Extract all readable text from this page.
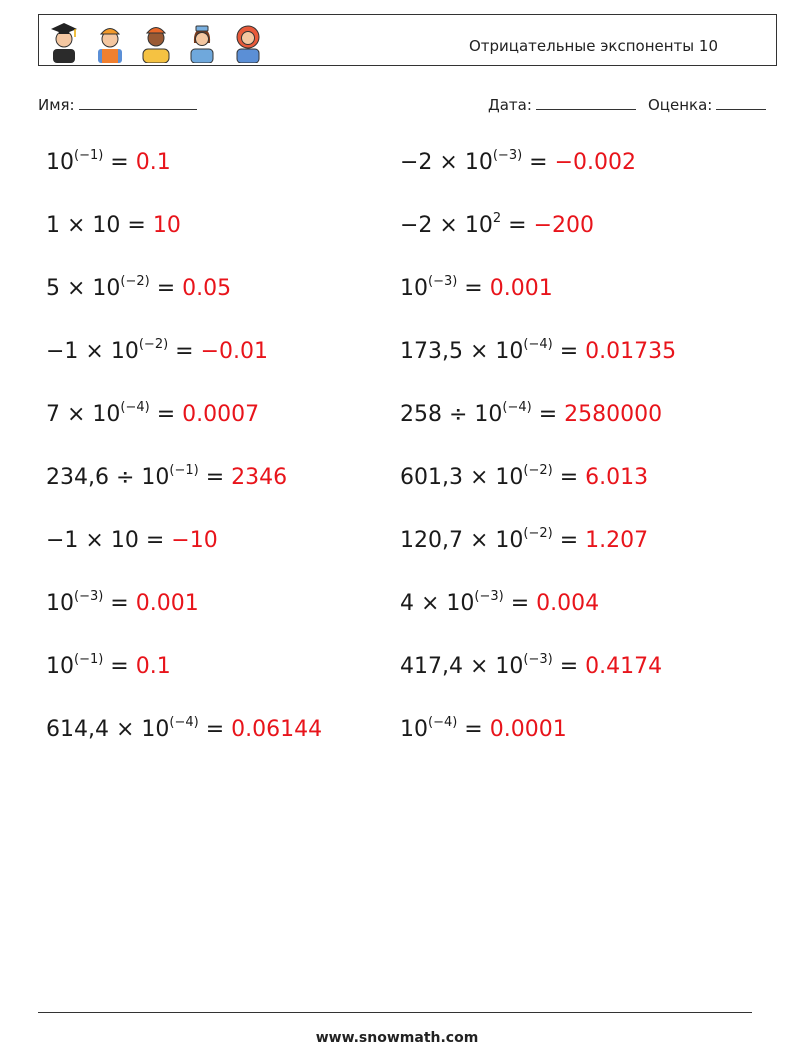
Отрицательные экспоненты 10
Имя:	Дата:	Оценка:
$10^{(-1)} = 0.1$	$-2 \times 10^{(-3)} = -0.002$
1 × 10 = 10	$-2 \times 10^2 = -200$
$5 \times 10^{(-2)} = 0.05$	$10^{(-3)} = 0.001$
$-1 \times 10^{(-2)} = -0.01$	$173,5 \times 10^{(-4)} = 0.01735$
$7 \times 10^{(-4)} = 0.0007$	$258 \div 10^{(-4)} = 2580000$
$234,6 \div 10^{(-1)} = 2346$	$601,3 \times 10^{(-2)} = 6.013$
−1 × 10 = −10	$120,7 \times 10^{(-2)} = 1.207$
$10^{(-3)} = 0.001$	$4 \times 10^{(-3)} = 0.004$
$10^{(-1)} = 0.1$	$417,4 \times 10^{(-3)} = 0.4174$
$614,4 \times 10^{(-4)} = 0.06144$	$10^{(-4)} = 0.0001$
www.snowmath.com
